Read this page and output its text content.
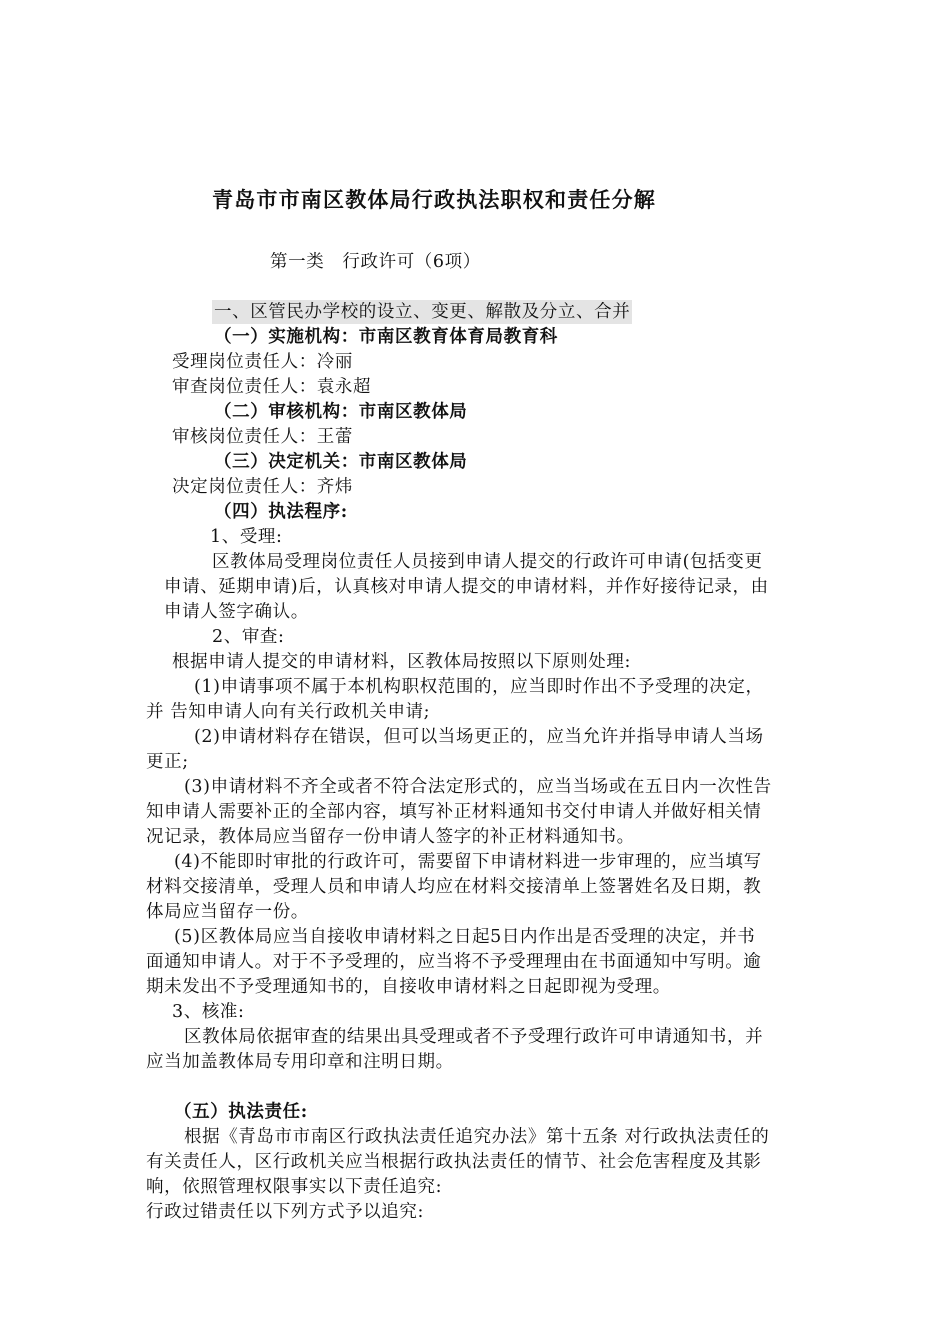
青岛市市南区教体局行政执法职权和责任分解
第一类　行政许可（6项）
一、区管民办学校的设立、变更、解散及分立、合并
（一）实施机构：市南区教育体育局教育科
受理岗位责任人：冷丽
审查岗位责任人：袁永超
（二）审核机构：市南区教体局
审核岗位责任人：王蕾
（三）决定机关：市南区教体局
决定岗位责任人：齐炜
（四）执法程序:
1、受理:
区教体局受理岗位责任人员接到申请人提交的行政许可申请(包括变更
申请、延期申请)后，认真核对申请人提交的申请材料，并作好接待记录，由
申请人签字确认。
2、审查:
根据申请人提交的申请材料，区教体局按照以下原则处理:
(1)申请事项不属于本机构职权范围的，应当即时作出不予受理的决定，
并 告知申请人向有关行政机关申请;
(2)申请材料存在错误，但可以当场更正的，应当允许并指导申请人当场
更正;
(3)申请材料不齐全或者不符合法定形式的，应当当场或在五日内一次性告
知申请人需要补正的全部内容，填写补正材料通知书交付申请人并做好相关情
况记录，教体局应当留存一份申请人签字的补正材料通知书。
(4)不能即时审批的行政许可，需要留下申请材料进一步审理的，应当填写
材料交接清单，受理人员和申请人均应在材料交接清单上签署姓名及日期，教
体局应当留存一份。
(5)区教体局应当自接收申请材料之日起5日内作出是否受理的决定，并书
面通知申请人。对于不予受理的，应当将不予受理理由在书面通知中写明。逾
期未发出不予受理通知书的，自接收申请材料之日起即视为受理。
3、核准:
区教体局依据审查的结果出具受理或者不予受理行政许可申请通知书，并
应当加盖教体局专用印章和注明日期。
（五）执法责任:
根据《青岛市市南区行政执法责任追究办法》第十五条 对行政执法责任的
有关责任人，区行政机关应当根据行政执法责任的情节、社会危害程度及其影
响，依照管理权限事实以下责任追究:
行政过错责任以下列方式予以追究:
